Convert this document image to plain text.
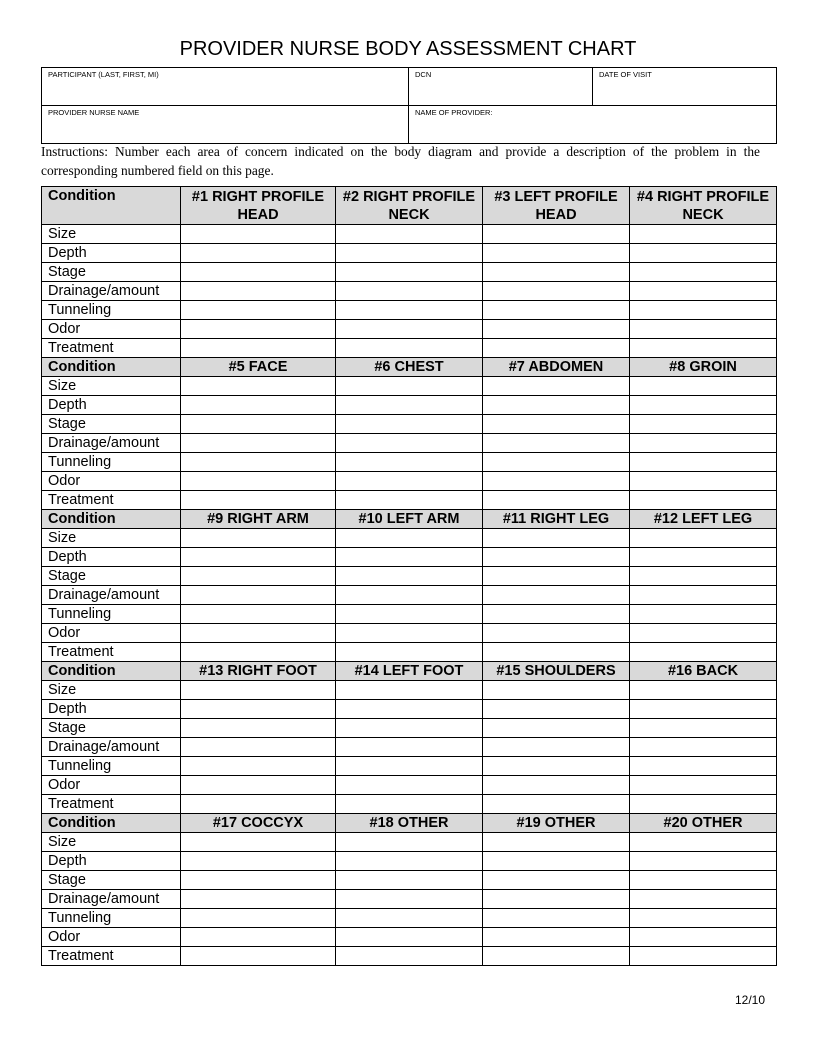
PROVIDER NURSE BODY ASSESSMENT CHART
PARTICIPANT (LAST, FIRST, MI)	DCN	DATE OF VISIT
PROVIDER NURSE NAME	NAME OF PROVIDER:	
Instructions: Number each area of concern indicated on the body diagram and provide a description of the problem in the corresponding numbered field on this page.
Condition	#1 RIGHT PROFILE HEAD	#2 RIGHT PROFILE NECK	#3 LEFT PROFILE HEAD	#4 RIGHT PROFILE NECK
Size				
Depth				
Stage				
Drainage/amount				
Tunneling				
Odor				
Treatment				
Condition	#5 FACE	#6 CHEST	#7 ABDOMEN	#8 GROIN
Size				
Depth				
Stage				
Drainage/amount				
Tunneling				
Odor				
Treatment				
Condition	#9 RIGHT ARM	#10 LEFT ARM	#11 RIGHT LEG	#12 LEFT LEG
Size				
Depth				
Stage				
Drainage/amount				
Tunneling				
Odor				
Treatment				
Condition	#13 RIGHT FOOT	#14 LEFT FOOT	#15 SHOULDERS	#16 BACK
Size				
Depth				
Stage				
Drainage/amount				
Tunneling				
Odor				
Treatment				
Condition	#17 COCCYX	#18 OTHER	#19 OTHER	#20 OTHER
Size				
Depth				
Stage				
Drainage/amount				
Tunneling				
Odor				
Treatment				
12/10
